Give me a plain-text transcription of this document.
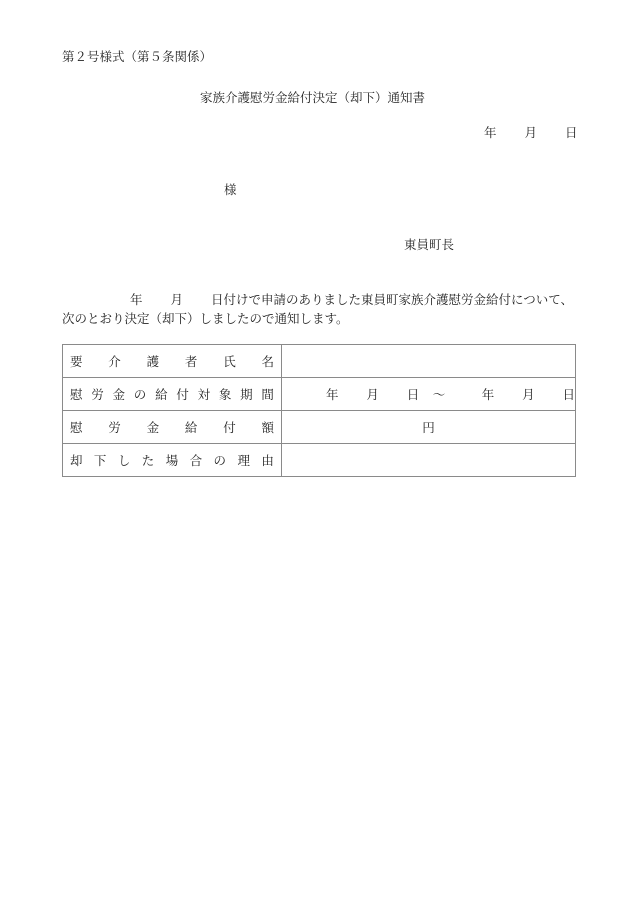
第２号様式（第５条関係）
家族介護慰労金給付決定（却下）通知書
年 月 日
様
東員町長
年 月 日付けで申請のありました東員町家族介護慰労金給付について、次のとおり決定（却下）しましたので通知します。
要 介 護 者 氏 名

慰 労 金 の 給 付 対 象 期 間	年 月 日 ～	年 月 日

慰 労 金 給 付 額	円

却 下 し た 場 合 の 理 由
